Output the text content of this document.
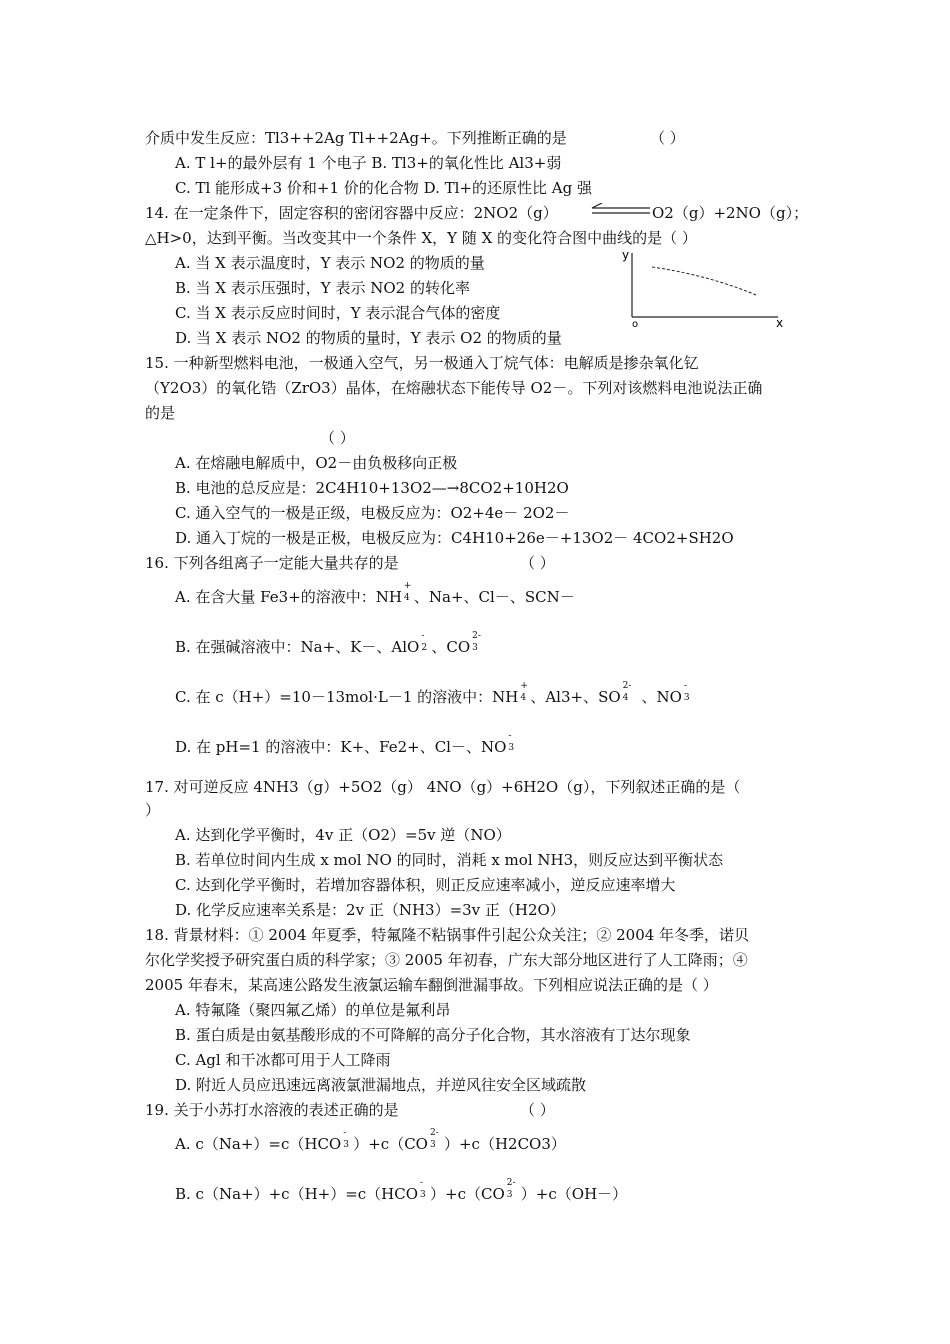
介质中发生反应：Tl3++2Ag Tl++2Ag+。下列推断正确的是	（ ）
A. T l+的最外层有 1 个电子 B. Tl3+的氧化性比 Al3+弱
C. Tl 能形成+3 价和+1 价的化合物 D. Tl+的还原性比 Ag 强
14. 在一定条件下，固定容积的密闭容器中反应：2NO2（g）	O2（g）+2NO（g）；
△H>0，达到平衡。当改变其中一个条件 X，Y 随 X 的变化符合图中曲线的是（ ）
A. 当 X 表示温度时，Y 表示 NO2 的物质的量
B. 当 X 表示压强时，Y 表示 NO2 的转化率
C. 当 X 表示反应时间时，Y 表示混合气体的密度
D. 当 X 表示 NO2 的物质的量时，Y 表示 O2 的物质的量
y
x
o
15. 一种新型燃料电池，一极通入空气，另一极通入丁烷气体：电解质是掺杂氧化钇
（Y2O3）的氧化锆（ZrO3）晶体，在熔融状态下能传导 O2－。下列对该燃料电池说法正确
的是
（ ）
A. 在熔融电解质中，O2－由负极移向正极
B. 电池的总反应是：2C4H10+13O2—→8CO2+10H2O
C. 通入空气的一极是正级，电极反应为：O2+4e－ 2O2－
D. 通入丁烷的一极是正极，电极反应为：C4H10+26e－+13O2－ 4CO2+SH2O
16. 下列各组离子一定能大量共存的是	（ ）
A. 在含大量 Fe3+的溶液中：NH
+
4 、Na+、Cl－、SCN－
B. 在强碱溶液中：Na+、K－、AlO
-
2 、CO
2-
3
C. 在 c（H+）=10－13mol·L－1 的溶液中：NH
+
4 、Al3+、SO
2-
4 、NO
-
3
D. 在 pH=1 的溶液中：K+、Fe2+、Cl－、NO
-
3
17. 对可逆反应 4NH3（g）+5O2（g） 4NO（g）+6H2O（g），下列叙述正确的是（
）
A. 达到化学平衡时，4v 正（O2）=5v 逆（NO）
B. 若单位时间内生成 x mol NO 的同时，消耗 x mol NH3，则反应达到平衡状态
C. 达到化学平衡时，若增加容器体积，则正反应速率减小，逆反应速率增大
D. 化学反应速率关系是：2v 正（NH3）=3v 正（H2O）
18. 背景材料：① 2004 年夏季，特氟隆不粘锅事件引起公众关注；② 2004 年冬季，诺贝
尔化学奖授予研究蛋白质的科学家；③ 2005 年初春，广东大部分地区进行了人工降雨；④
2005 年春末，某高速公路发生液氯运输车翻倒泄漏事故。下列相应说法正确的是（ ）
A. 特氟隆（聚四氟乙烯）的单位是氟利昂
B. 蛋白质是由氨基酸形成的不可降解的高分子化合物，其水溶液有丁达尔现象
C. Agl 和干冰都可用于人工降雨
D. 附近人员应迅速远离液氯泄漏地点，并逆风往安全区域疏散
19. 关于小苏打水溶液的表述正确的是	（ ）
A. c（Na+）=c（HCO
-
3 ）+c（CO
2-
3 ）+c（H2CO3）
B. c（Na+）+c（H+）=c（HCO
-
3 ）+c（CO
2-
3 ）+c（OH－）
